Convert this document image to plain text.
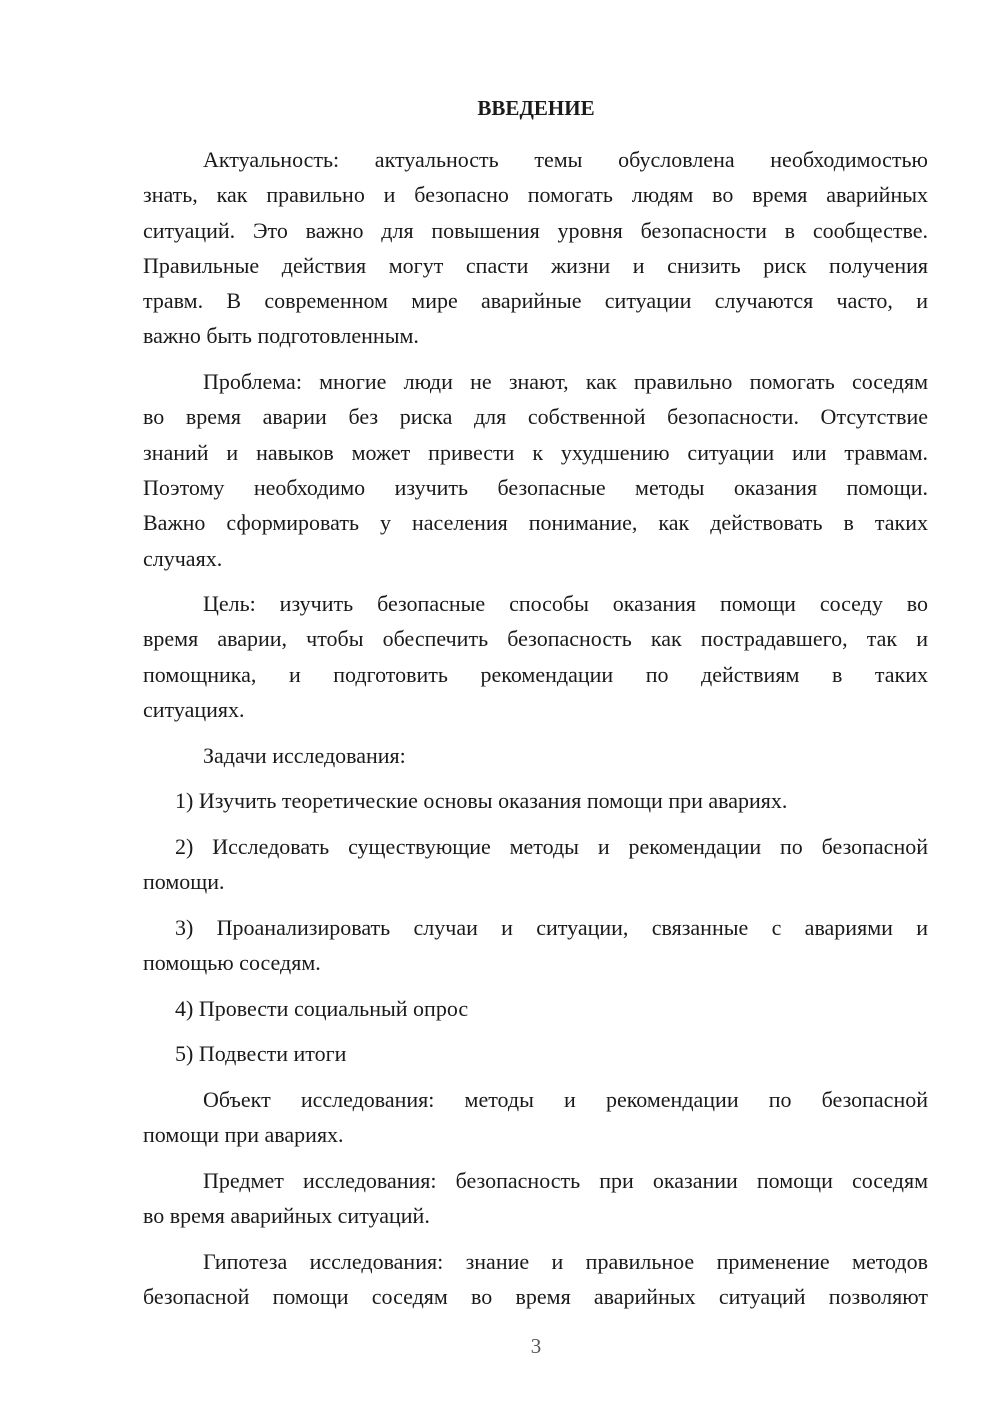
ВВЕДЕНИЕ
Актуальность: актуальность темы обусловлена необходимостью
знать, как правильно и безопасно помогать людям во время аварийных
ситуаций. Это важно для повышения уровня безопасности в сообществе.
Правильные действия могут спасти жизни и снизить риск получения
травм. В современном мире аварийные ситуации случаются часто, и
важно быть подготовленным.
Проблема: многие люди не знают, как правильно помогать соседям
во время аварии без риска для собственной безопасности. Отсутствие
знаний и навыков может привести к ухудшению ситуации или травмам.
Поэтому необходимо изучить безопасные методы оказания помощи.
Важно сформировать у населения понимание, как действовать в таких
случаях.
Цель: изучить безопасные способы оказания помощи соседу во
время аварии, чтобы обеспечить безопасность как пострадавшего, так и
помощника, и подготовить рекомендации по действиям в таких
ситуациях.
Задачи исследования:
1) Изучить теоретические основы оказания помощи при авариях.
2) Исследовать существующие методы и рекомендации по безопасной
помощи.
3) Проанализировать случаи и ситуации, связанные с авариями и
помощью соседям.
4) Провести социальный опрос
5) Подвести итоги
Объект исследования: методы и рекомендации по безопасной
помощи при авариях.
Предмет исследования: безопасность при оказании помощи соседям
во время аварийных ситуаций.
Гипотеза исследования: знание и правильное применение методов
безопасной помощи соседям во время аварийных ситуаций позволяют
3
